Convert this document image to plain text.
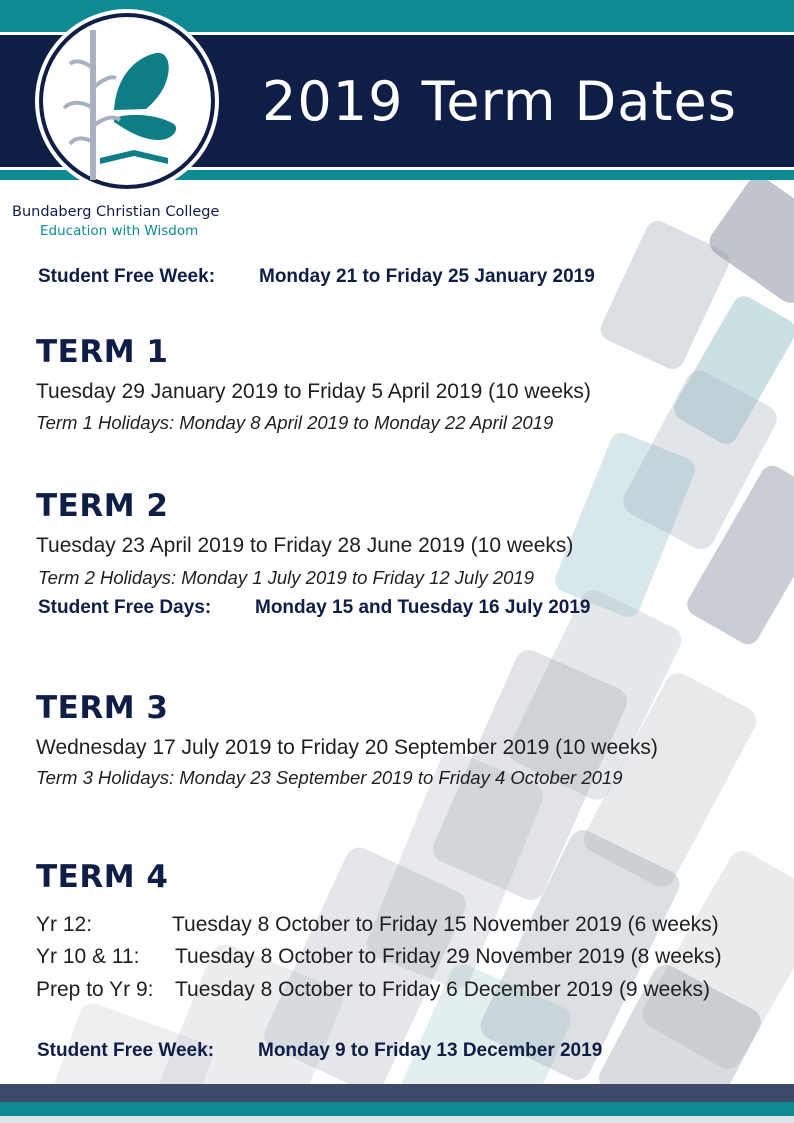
2019 Term Dates
Bundaberg Christian College
Education with Wisdom
Student Free Week: Monday 21 to Friday 25 January 2019
TERM 1
Tuesday 29 January 2019 to Friday 5 April 2019 (10 weeks)
Term 1 Holidays: Monday 8 April 2019 to Monday 22 April 2019
TERM 2
Tuesday 23 April 2019 to Friday 28 June 2019 (10 weeks)
Term 2 Holidays: Monday 1 July 2019 to Friday 12 July 2019
Student Free Days: Monday 15 and Tuesday 16 July 2019
TERM 3
Wednesday 17 July 2019 to Friday 20 September 2019 (10 weeks)
Term 3 Holidays: Monday 23 September 2019 to Friday 4 October 2019
TERM 4
Yr 12:	Tuesday 8 October to Friday 15 November 2019 (6 weeks)
Yr 10 & 11: Tuesday 8 October to Friday 29 November 2019 (8 weeks)
Prep to Yr 9: Tuesday 8 October to Friday 6 December 2019 (9 weeks)
Student Free Week: Monday 9 to Friday 13 December 2019
